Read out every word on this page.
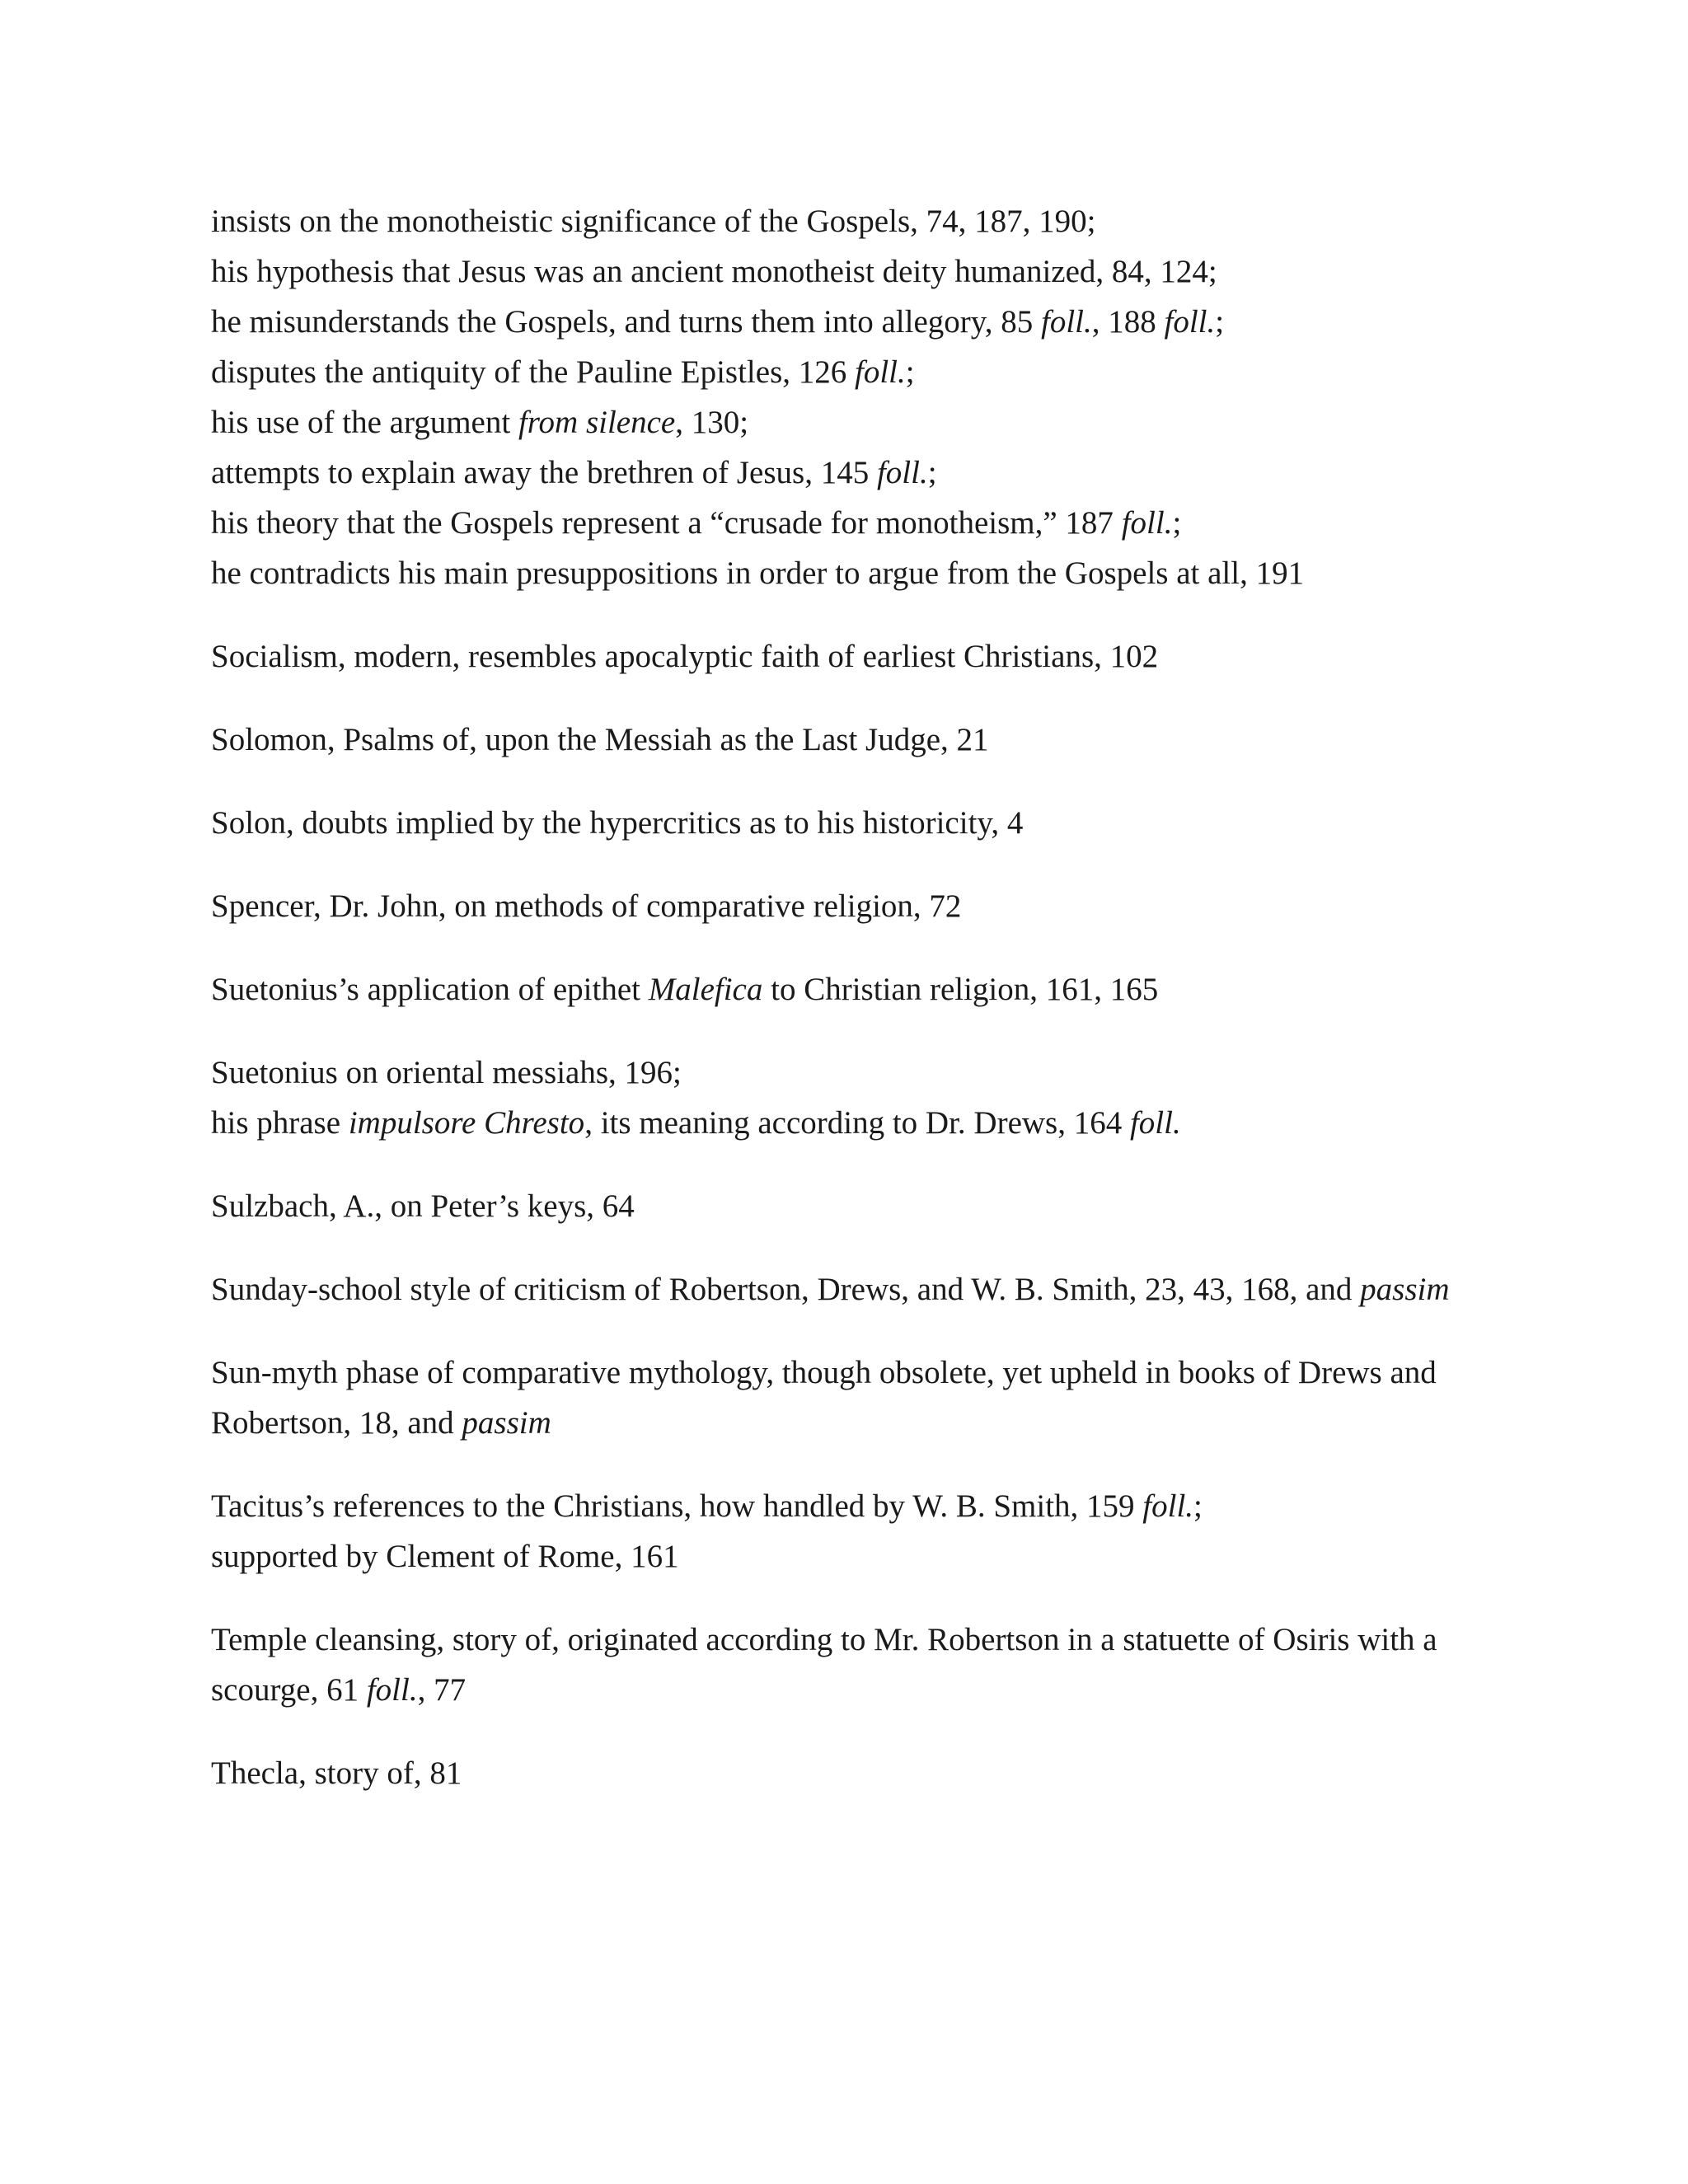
insists on the monotheistic significance of the Gospels, 74, 187, 190;
his hypothesis that Jesus was an ancient monotheist deity humanized, 84, 124;
he misunderstands the Gospels, and turns them into allegory, 85 foll., 188 foll.;
disputes the antiquity of the Pauline Epistles, 126 foll.;
his use of the argument from silence, 130;
attempts to explain away the brethren of Jesus, 145 foll.;
his theory that the Gospels represent a “crusade for monotheism,” 187 foll.;
he contradicts his main presuppositions in order to argue from the Gospels at all, 191
Socialism, modern, resembles apocalyptic faith of earliest Christians, 102
Solomon, Psalms of, upon the Messiah as the Last Judge, 21
Solon, doubts implied by the hypercritics as to his historicity, 4
Spencer, Dr. John, on methods of comparative religion, 72
Suetonius’s application of epithet Malefica to Christian religion, 161, 165
Suetonius on oriental messiahs, 196;
his phrase impulsore Chresto, its meaning according to Dr. Drews, 164 foll.
Sulzbach, A., on Peter’s keys, 64
Sunday-school style of criticism of Robertson, Drews, and W. B. Smith, 23, 43, 168, and passim
Sun-myth phase of comparative mythology, though obsolete, yet upheld in books of Drews and Robertson, 18, and passim
Tacitus’s references to the Christians, how handled by W. B. Smith, 159 foll.;
supported by Clement of Rome, 161
Temple cleansing, story of, originated according to Mr. Robertson in a statuette of Osiris with a scourge, 61 foll., 77
Thecla, story of, 81
